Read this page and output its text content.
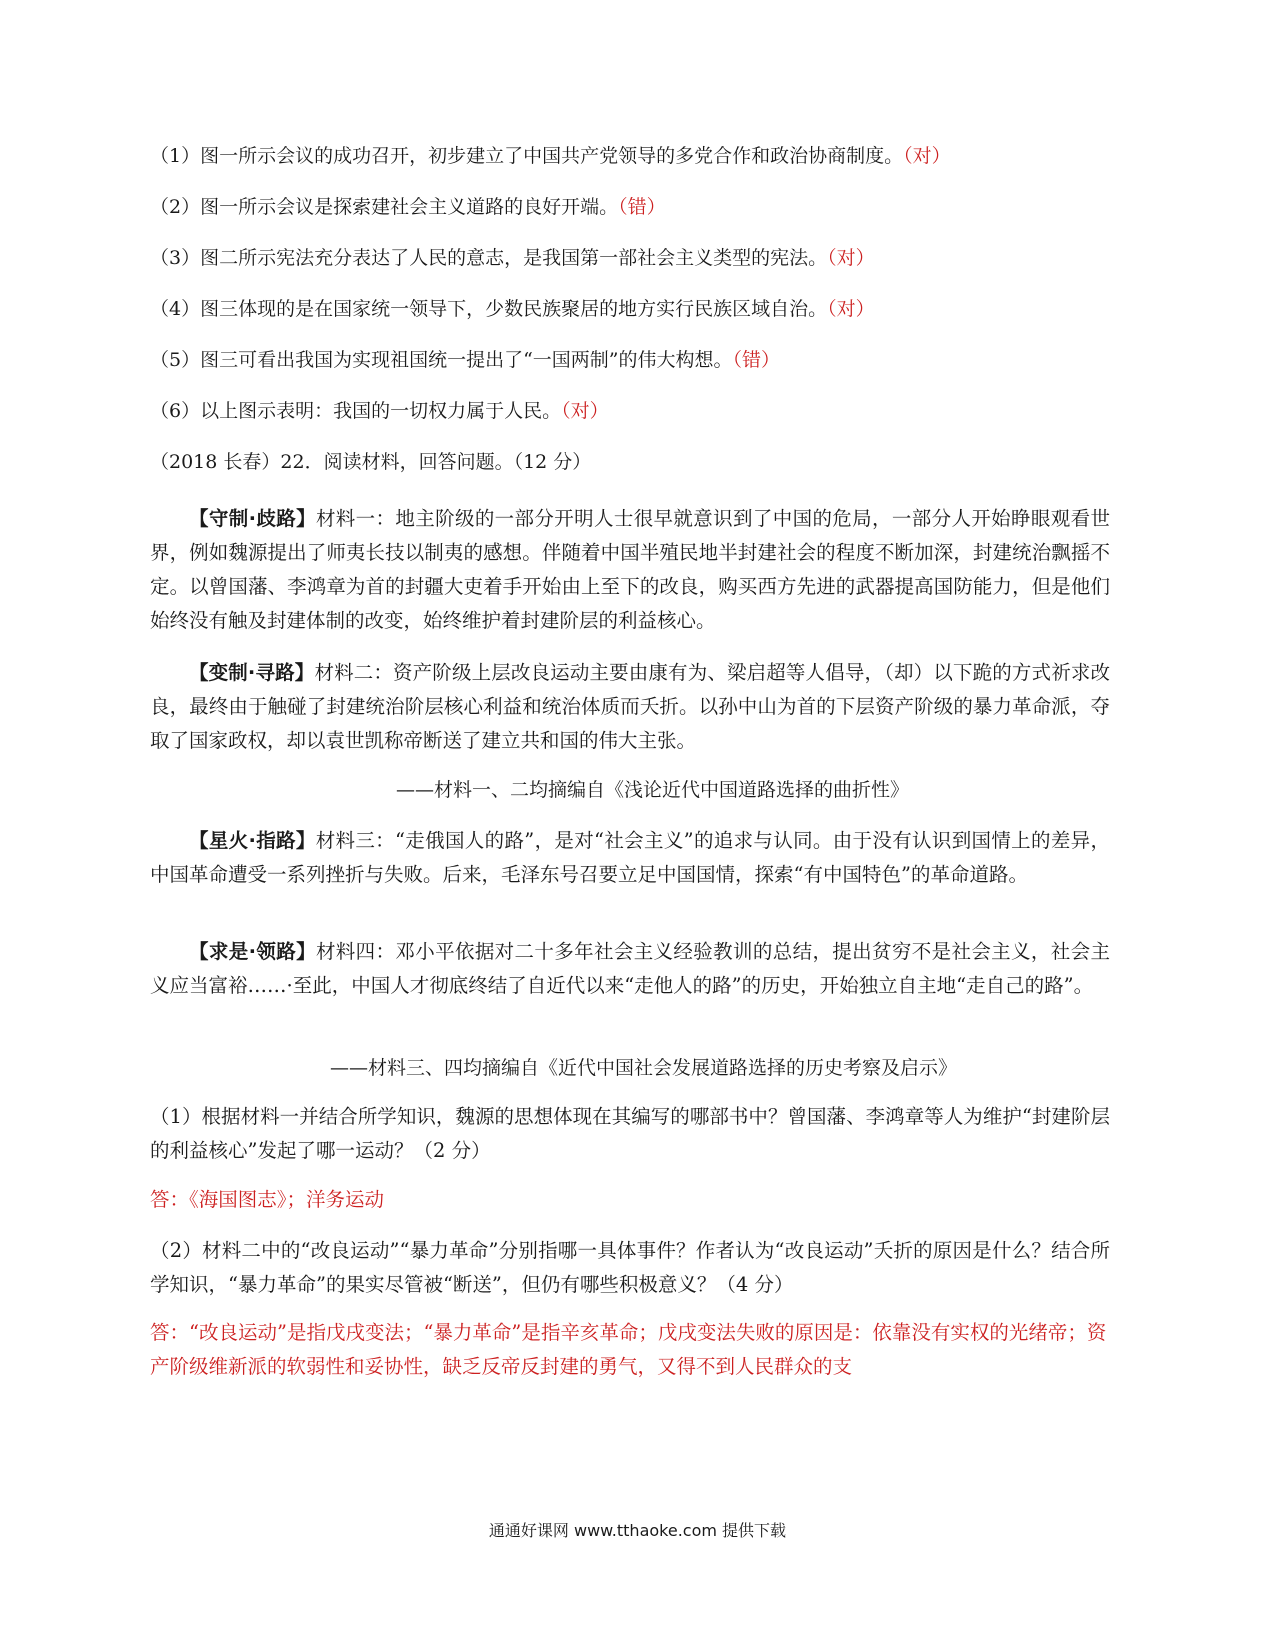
（1）图一所示会议的成功召开，初步建立了中国共产党领导的多党合作和政治协商制度。（对）
（2）图一所示会议是探索建社会主义道路的良好开端。（错）
（3）图二所示宪法充分表达了人民的意志，是我国第一部社会主义类型的宪法。（对）
（4）图三体现的是在国家统一领导下，少数民族聚居的地方实行民族区域自治。（对）
（5）图三可看出我国为实现祖国统一提出了“一国两制”的伟大构想。（错）
（6）以上图示表明：我国的一切权力属于人民。（对）
（2018 长春）22．阅读材料，回答问题。（12 分）
【守制·歧路】材料一：地主阶级的一部分开明人士很早就意识到了中国的危局，一部分人开始睁眼观看世界，例如魏源提出了师夷长技以制夷的感想。伴随着中国半殖民地半封建社会的程度不断加深，封建统治飘摇不定。以曾国藩、李鸿章为首的封疆大吏着手开始由上至下的改良，购买西方先进的武器提高国防能力，但是他们始终没有触及封建体制的改变，始终维护着封建阶层的利益核心。
【变制·寻路】材料二：资产阶级上层改良运动主要由康有为、梁启超等人倡导，（却）以下跪的方式祈求改良，最终由于触碰了封建统治阶层核心利益和统治体质而夭折。以孙中山为首的下层资产阶级的暴力革命派，夺取了国家政权，却以袁世凯称帝断送了建立共和国的伟大主张。
——材料一、二均摘编自《浅论近代中国道路选择的曲折性》
【星火·指路】材料三：“走俄国人的路”，是对“社会主义”的追求与认同。由于没有认识到国情上的差异，中国革命遭受一系列挫折与失败。后来，毛泽东号召要立足中国国情，探索“有中国特色”的革命道路。
【求是·领路】材料四：邓小平依据对二十多年社会主义经验教训的总结，提出贫穷不是社会主义，社会主义应当富裕……·至此，中国人才彻底终结了自近代以来“走他人的路”的历史，开始独立自主地“走自己的路”。
——材料三、四均摘编自《近代中国社会发展道路选择的历史考察及启示》
（1）根据材料一并结合所学知识，魏源的思想体现在其编写的哪部书中？曾国藩、李鸿章等人为维护“封建阶层的利益核心”发起了哪一运动？（2 分）
答：《海国图志》；洋务运动
（2）材料二中的“改良运动”“暴力革命”分别指哪一具体事件？作者认为“改良运动”夭折的原因是什么？结合所学知识，“暴力革命”的果实尽管被“断送”，但仍有哪些积极意义？（4 分）
答：“改良运动”是指戊戌变法；“暴力革命”是指辛亥革命；戊戌变法失败的原因是：依靠没有实权的光绪帝；资产阶级维新派的软弱性和妥协性，缺乏反帝反封建的勇气，又得不到人民群众的支
通通好课网 www.tthaoke.com 提供下载
